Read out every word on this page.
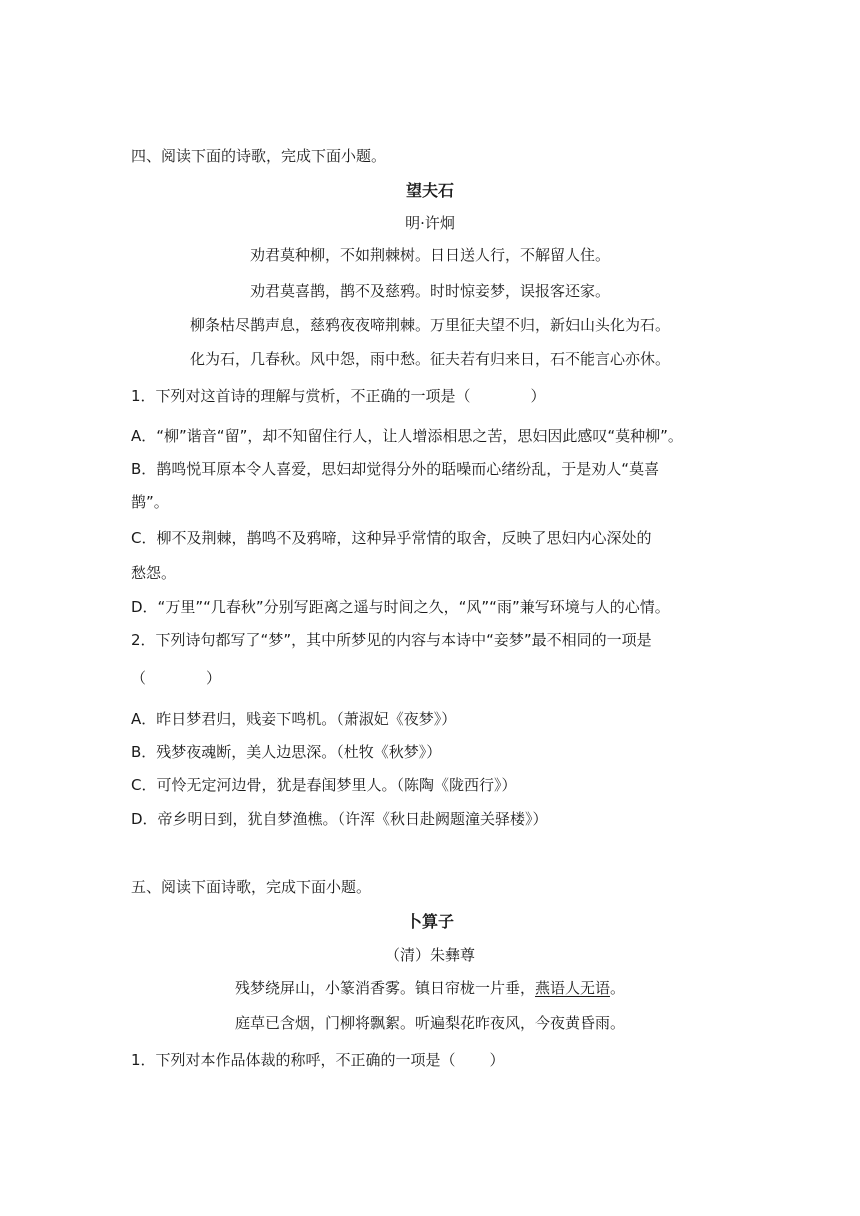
四、阅读下面的诗歌，完成下面小题。
望夫石
明·许炯
劝君莫种柳，不如荆棘树。日日送人行，不解留人住。
劝君莫喜鹊，鹊不及慈鸦。时时惊妾梦，误报客还家。
柳条枯尽鹊声息，慈鸦夜夜啼荆棘。万里征夫望不归，新妇山头化为石。
化为石，几春秋。风中怨，雨中愁。征夫若有归来日，石不能言心亦休。
1．下列对这首诗的理解与赏析，不正确的一项是（	）
A．“柳”谐音“留”，却不知留住行人，让人增添相思之苦，思妇因此感叹“莫种柳”。
B．鹊鸣悦耳原本令人喜爱，思妇却觉得分外的聒噪而心绪纷乱，于是劝人“莫喜
鹊”。
C．柳不及荆棘，鹊鸣不及鸦啼，这种异乎常情的取舍，反映了思妇内心深处的
愁怨。
D．“万里”“几春秋”分别写距离之遥与时间之久，“风”“雨”兼写环境与人的心情。
2．下列诗句都写了“梦”，其中所梦见的内容与本诗中“妾梦”最不相同的一项是
（	）
A．昨日梦君归，贱妾下鸣机。（萧淑妃《夜梦》）
B．残梦夜魂断，美人边思深。（杜牧《秋梦》）
C．可怜无定河边骨，犹是春闺梦里人。（陈陶《陇西行》）
D．帝乡明日到，犹自梦渔樵。（许浑《秋日赴阙题潼关驿楼》）
五、阅读下面诗歌，完成下面小题。
卜算子
（清）朱彝尊
残梦绕屏山，小篆消香雾。镇日帘栊一片垂，燕语人无语。
庭草已含烟，门柳将飘絮。听遍梨花昨夜风，今夜黄昏雨。
1．下列对本作品体裁的称呼，不正确的一项是（ ）
